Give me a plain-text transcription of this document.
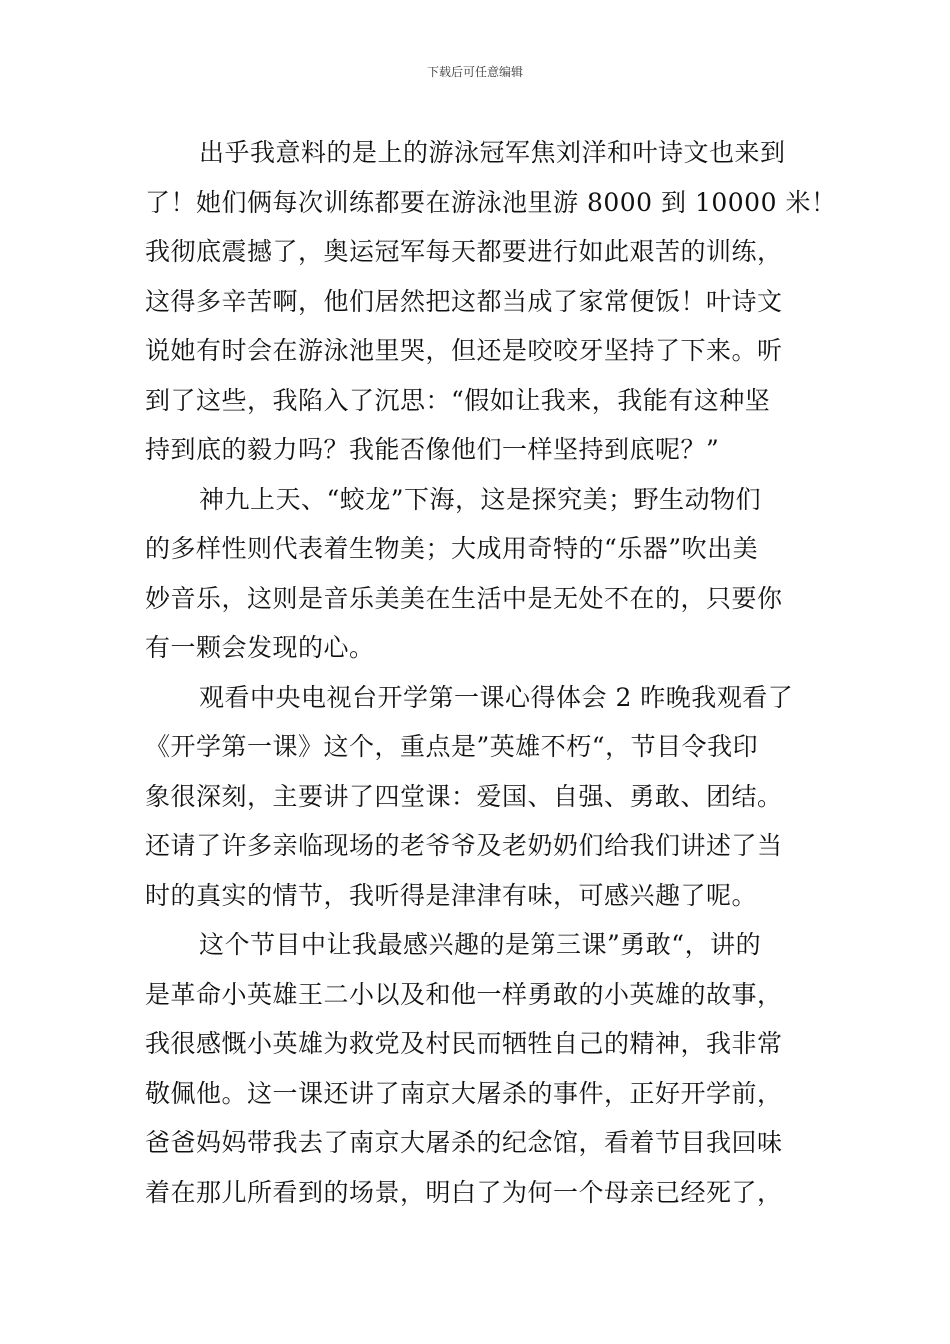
下载后可任意编辑

出乎我意料的是上的游泳冠军焦刘洋和叶诗文也来到
了！她们俩每次训练都要在游泳池里游 8000 到 10000 米！
我彻底震撼了，奥运冠军每天都要进行如此艰苦的训练，
这得多辛苦啊，他们居然把这都当成了家常便饭！叶诗文
说她有时会在游泳池里哭，但还是咬咬牙坚持了下来。听
到了这些，我陷入了沉思：“假如让我来，我能有这种坚
持到底的毅力吗？我能否像他们一样坚持到底呢？”

神九上天、“蛟龙”下海，这是探究美；野生动物们
的多样性则代表着生物美；大成用奇特的“乐器”吹出美
妙音乐，这则是音乐美美在生活中是无处不在的，只要你
有一颗会发现的心。

观看中央电视台开学第一课心得体会 2 昨晚我观看了
《开学第一课》这个，重点是”英雄不朽“，节目令我印
象很深刻，主要讲了四堂课：爱国、自强、勇敢、团结。
还请了许多亲临现场的老爷爷及老奶奶们给我们讲述了当
时的真实的情节，我听得是津津有味，可感兴趣了呢。

这个节目中让我最感兴趣的是第三课”勇敢“，讲的
是革命小英雄王二小以及和他一样勇敢的小英雄的故事，
我很感慨小英雄为救党及村民而牺牲自己的精神，我非常
敬佩他。这一课还讲了南京大屠杀的事件，正好开学前，
爸爸妈妈带我去了南京大屠杀的纪念馆，看着节目我回味
着在那儿所看到的场景，明白了为何一个母亲已经死了，
